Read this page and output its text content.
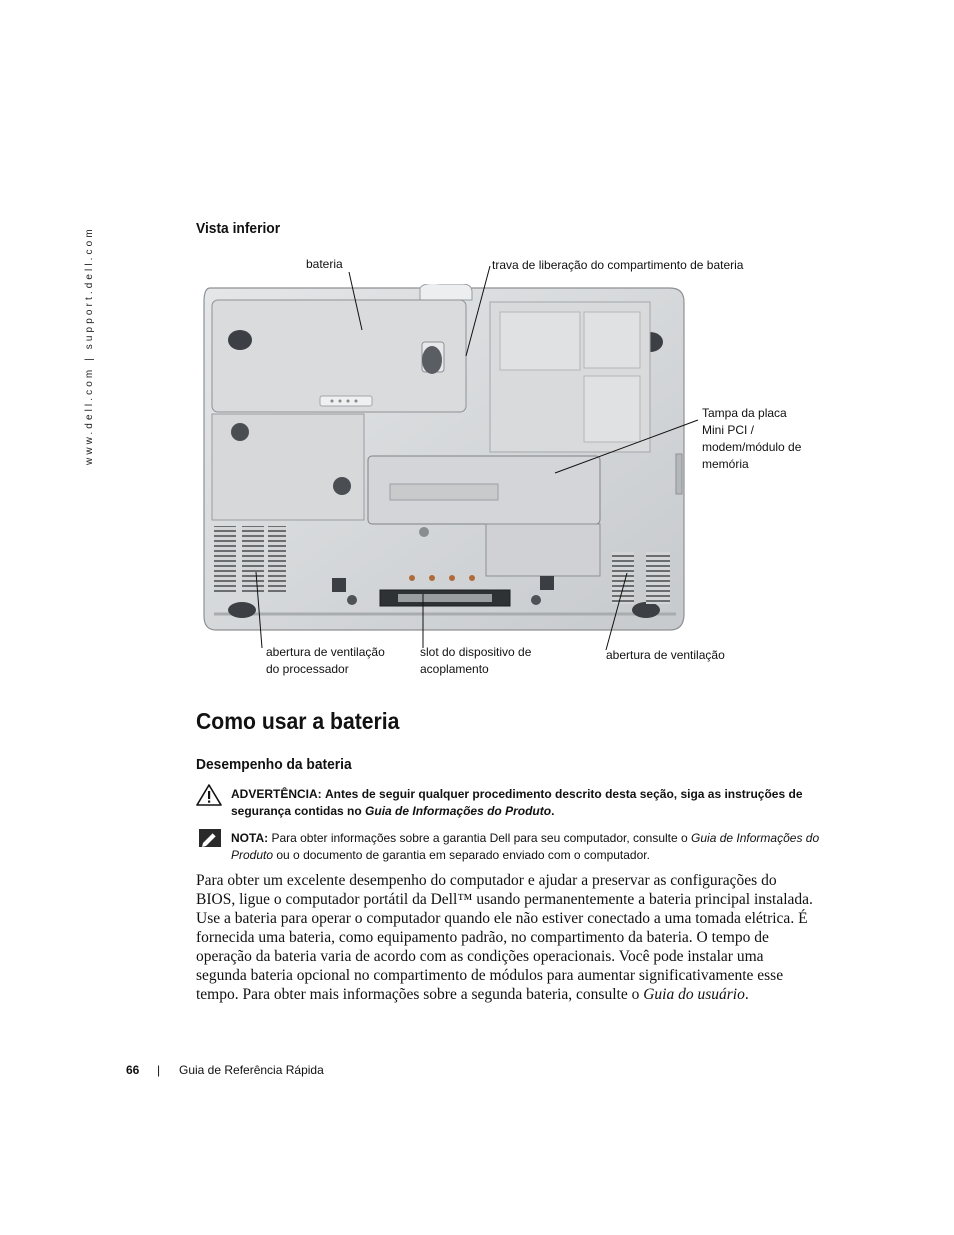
www.dell.com | support.dell.com	Vista inferior
bateria	trava de liberação do compartimento de bateria
Tampa da placa
Mini PCI /
modem/módulo de
memória
abertura de ventilação
do processador
slot do dispositivo de
acoplamento
abertura de ventilação
Como usar a bateria
Desempenho da bateria
ADVERTÊNCIA: Antes de seguir qualquer procedimento descrito desta seção, siga as instruções de segurança contidas no Guia de Informações do Produto.
NOTA: Para obter informações sobre a garantia Dell para seu computador, consulte o Guia de Informações do Produto ou o documento de garantia em separado enviado com o computador.
Para obter um excelente desempenho do computador e ajudar a preservar as configurações do BIOS, ligue o computador portátil da Dell™ usando permanentemente a bateria principal instalada. Use a bateria para operar o computador quando ele não estiver conectado a uma tomada elétrica. É fornecida uma bateria, como equipamento padrão, no compartimento da bateria. O tempo de operação da bateria varia de acordo com as condições operacionais. Você pode instalar uma segunda bateria opcional no compartimento de módulos para aumentar significativamente esse tempo. Para obter mais informações sobre a segunda bateria, consulte o Guia do usuário.
66 | Guia de Referência Rápida
